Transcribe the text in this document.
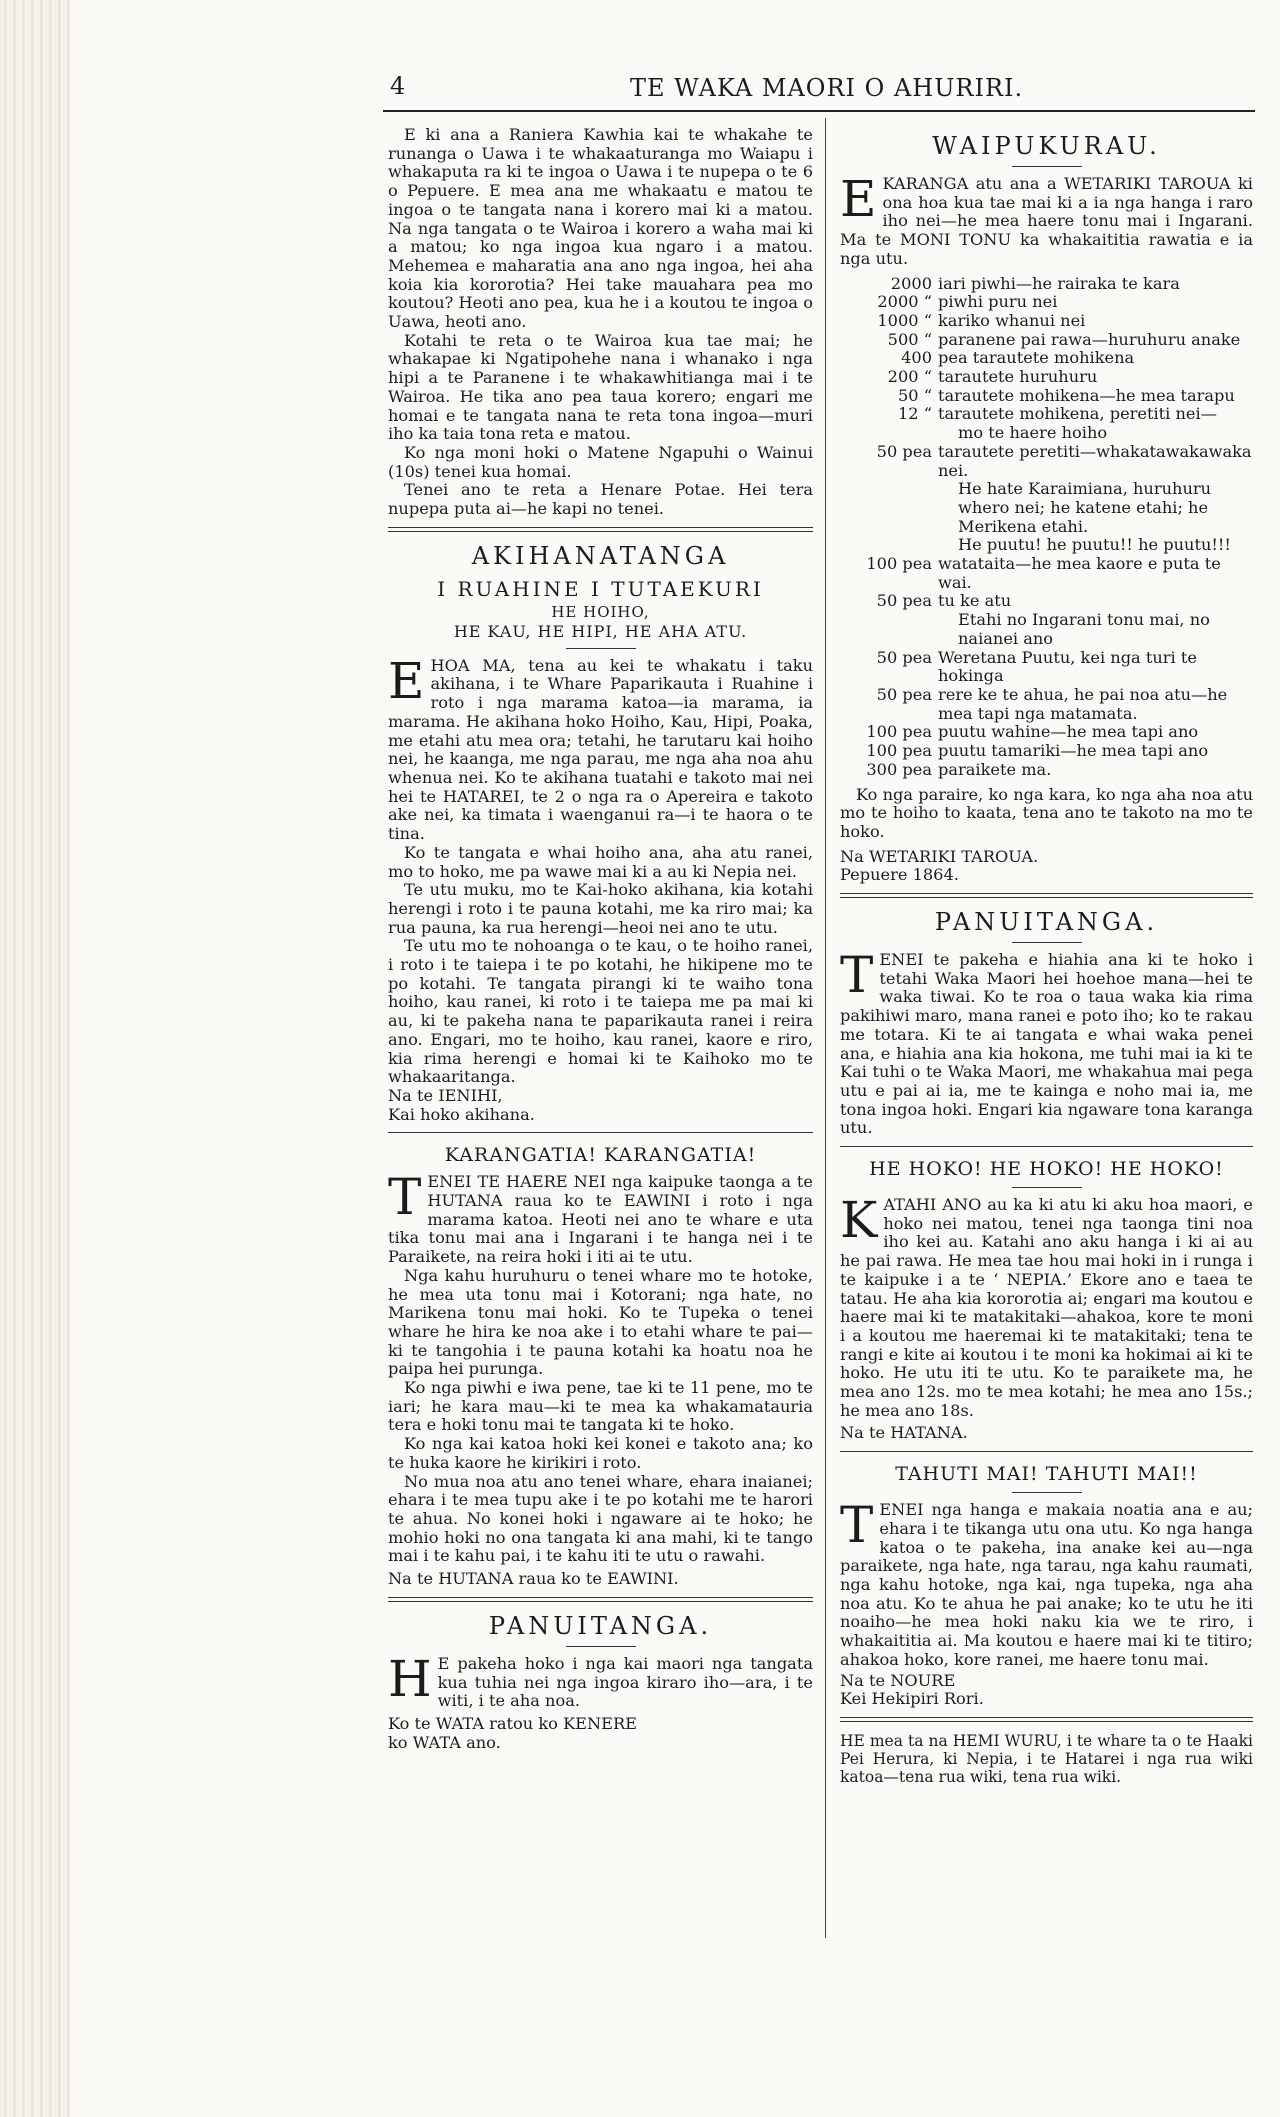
4	TE WAKA MAORI O AHURIRI.

E ki ana a Raniera Kawhia kai te whakahe te runanga o Uawa i te whakaaturanga mo Waiapu i whakaputa ra ki te ingoa o Uawa i te nupepa o te 6 o Pepuere. E mea ana me whakaatu e matou te ingoa o te tangata nana i korero mai ki a matou. Na nga tangata o te Wairoa i korero a waha mai ki a matou; ko nga ingoa kua ngaro i a matou. Mehemea e maharatia ana ano nga ingoa, hei aha koia kia kororotia? Hei take mauahara pea mo koutou? Heoti ano pea, kua he i a koutou te ingoa o Uawa, heoti ano.

Kotahi te reta o te Wairoa kua tae mai; he whakapae ki Ngatipohehe nana i whanako i nga hipi a te Paranene i te whakawhitianga mai i te Wairoa. He tika ano pea taua korero; engari me homai e te tangata nana te reta tona ingoa—muri iho ka taia tona reta e matou.

Ko nga moni hoki o Matene Ngapuhi o Wainui (10s) tenei kua homai.

Tenei ano te reta a Henare Potae. Hei tera nupepa puta ai—he kapi no tenei.

AKIHANATANGA
I RUAHINE I TUTAEKURI
HE HOIHO,
HE KAU, HE HIPI, HE AHA ATU.

E HOA MA, tena au kei te whakatu i taku akihana, i te Whare Paparikauta i Ruahine i roto i nga marama katoa—ia marama, ia marama. He akihana hoko Hoiho, Kau, Hipi, Poaka, me etahi atu mea ora; tetahi, he tarutaru kai hoiho nei, he kaanga, me nga parau, me nga aha noa ahu whenua nei. Ko te akihana tuatahi e takoto mai nei hei te HATAREI, te 2 o nga ra o Apereira e takoto ake nei, ka timata i waenganui ra—i te haora o te tina.

Ko te tangata e whai hoiho ana, aha atu ranei, mo to hoko, me pa wawe mai ki a au ki Nepia nei.

Te utu muku, mo te Kai-hoko akihana, kia kotahi herengi i roto i te pauna kotahi, me ka riro mai; ka rua pauna, ka rua herengi—heoi nei ano te utu.

Te utu mo te nohoanga o te kau, o te hoiho ranei, i roto i te taiepa i te po kotahi, he hikipene mo te po kotahi. Te tangata pirangi ki te waiho tona hoiho, kau ranei, ki roto i te taiepa me pa mai ki au, ki te pakeha nana te paparikauta ranei i reira ano. Engari, mo te hoiho, kau ranei, kaore e riro, kia rima herengi e homai ki te Kaihoko mo te whakaaritanga.

Na te IENIHI,

Kai hoko akihana.

KARANGATIA! KARANGATIA!

T ENEI TE HAERE NEI nga kaipuke taonga a te HUTANA raua ko te EAWINI i roto i nga marama katoa. Heoti nei ano te whare e uta tika tonu mai ana i Ingarani i te hanga nei i te Paraikete, na reira hoki i iti ai te utu.

Nga kahu huruhuru o tenei whare mo te hotoke, he mea uta tonu mai i Kotorani; nga hate, no Marikena tonu mai hoki. Ko te Tupeka o tenei whare he hira ke noa ake i to etahi whare te pai—ki te tangohia i te pauna kotahi ka hoatu noa he paipa hei purunga.

Ko nga piwhi e iwa pene, tae ki te 11 pene, mo te iari; he kara mau—ki te mea ka whakamatauria tera e hoki tonu mai te tangata ki te hoko.

Ko nga kai katoa hoki kei konei e takoto ana; ko te huka kaore he kirikiri i roto.

No mua noa atu ano tenei whare, ehara inaianei; ehara i te mea tupu ake i te po kotahi me te harori te ahua. No konei hoki i ngaware ai te hoko; he mohio hoki no ona tangata ki ana mahi, ki te tango mai i te kahu pai, i te kahu iti te utu o rawahi.

Na te HUTANA raua ko te EAWINI.

PANUITANGA.

H E pakeha hoko i nga kai maori nga tangata kua tuhia nei nga ingoa kiraro iho—ara, i te witi, i te aha noa.

Ko te WATA ratou ko KENERE

ko WATA ano.

WAIPUKURAU.

E KARANGA atu ana a WETARIKI TAROUA ki ona hoa kua tae mai ki a ia nga hanga i raro iho nei—he mea haere tonu mai i Ingarani. Ma te MONI TONU ka whakaititia rawatia e ia nga utu.

2000 iari piwhi—he rairaka te kara
2000 “ piwhi puru nei
1000 “ kariko whanui nei
500 “ paranene pai rawa—huruhuru anake
400 pea tarautete mohikena
200 “ tarautete huruhuru
50 “ tarautete mohikena—he mea tarapu
12 “ tarautete mohikena, peretiti nei—
mo te haere hoiho
50 pea tarautete peretiti—whakatawakawaka nei.
He hate Karaimiana, huruhuru whero nei; he katene etahi; he Merikena etahi.
He puutu! he puutu!! he puutu!!!
100 pea watataita—he mea kaore e puta te wai.
50 pea tu ke atu
Etahi no Ingarani tonu mai, no naianei ano
50 pea Weretana Puutu, kei nga turi te hokinga
50 pea rere ke te ahua, he pai noa atu—he mea tapi nga matamata.
100 pea puutu wahine—he mea tapi ano
100 pea puutu tamariki—he mea tapi ano
300 pea paraikete ma.

Ko nga paraire, ko nga kara, ko nga aha noa atu mo te hoiho to kaata, tena ano te takoto na mo te hoko.

Na WETARIKI TAROUA.

Pepuere 1864.

PANUITANGA.

T ENEI te pakeha e hiahia ana ki te hoko i tetahi Waka Maori hei hoehoe mana—hei te waka tiwai. Ko te roa o taua waka kia rima pakihiwi maro, mana ranei e poto iho; ko te rakau me totara. Ki te ai tangata e whai waka penei ana, e hiahia ana kia hokona, me tuhi mai ia ki te Kai tuhi o te Waka Maori, me whakahua mai pega utu e pai ai ia, me te kainga e noho mai ia, me tona ingoa hoki. Engari kia ngaware tona karanga utu.

HE HOKO! HE HOKO! HE HOKO!

K ATAHI ANO au ka ki atu ki aku hoa maori, e hoko nei matou, tenei nga taonga tini noa iho kei au. Katahi ano aku hanga i ki ai au he pai rawa. He mea tae hou mai hoki in i runga i te kaipuke i a te ‘ NEPIA.’ Ekore ano e taea te tatau. He aha kia kororotia ai; engari ma koutou e haere mai ki te matakitaki—ahakoa, kore te moni i a koutou me haeremai ki te matakitaki; tena te rangi e kite ai koutou i te moni ka hokimai ai ki te hoko. He utu iti te utu. Ko te paraikete ma, he mea ano 12s. mo te mea kotahi; he mea ano 15s.; he mea ano 18s.

Na te HATANA.

TAHUTI MAI! TAHUTI MAI!!

T ENEI nga hanga e makaia noatia ana e au; ehara i te tikanga utu ona utu. Ko nga hanga katoa o te pakeha, ina anake kei au—nga paraikete, nga hate, nga tarau, nga kahu raumati, nga kahu hotoke, nga kai, nga tupeka, nga aha noa atu. Ko te ahua he pai anake; ko te utu he iti noaiho—he mea hoki naku kia we te riro, i whakaititia ai. Ma koutou e haere mai ki te titiro; ahakoa hoko, kore ranei, me haere tonu mai.

Na te NOURE

Kei Hekipiri Rori.

HE mea ta na HEMI WURU, i te whare ta o te Haaki Pei Herura, ki Nepia, i te Hatarei i nga rua wiki katoa—tena rua wiki, tena rua wiki.
